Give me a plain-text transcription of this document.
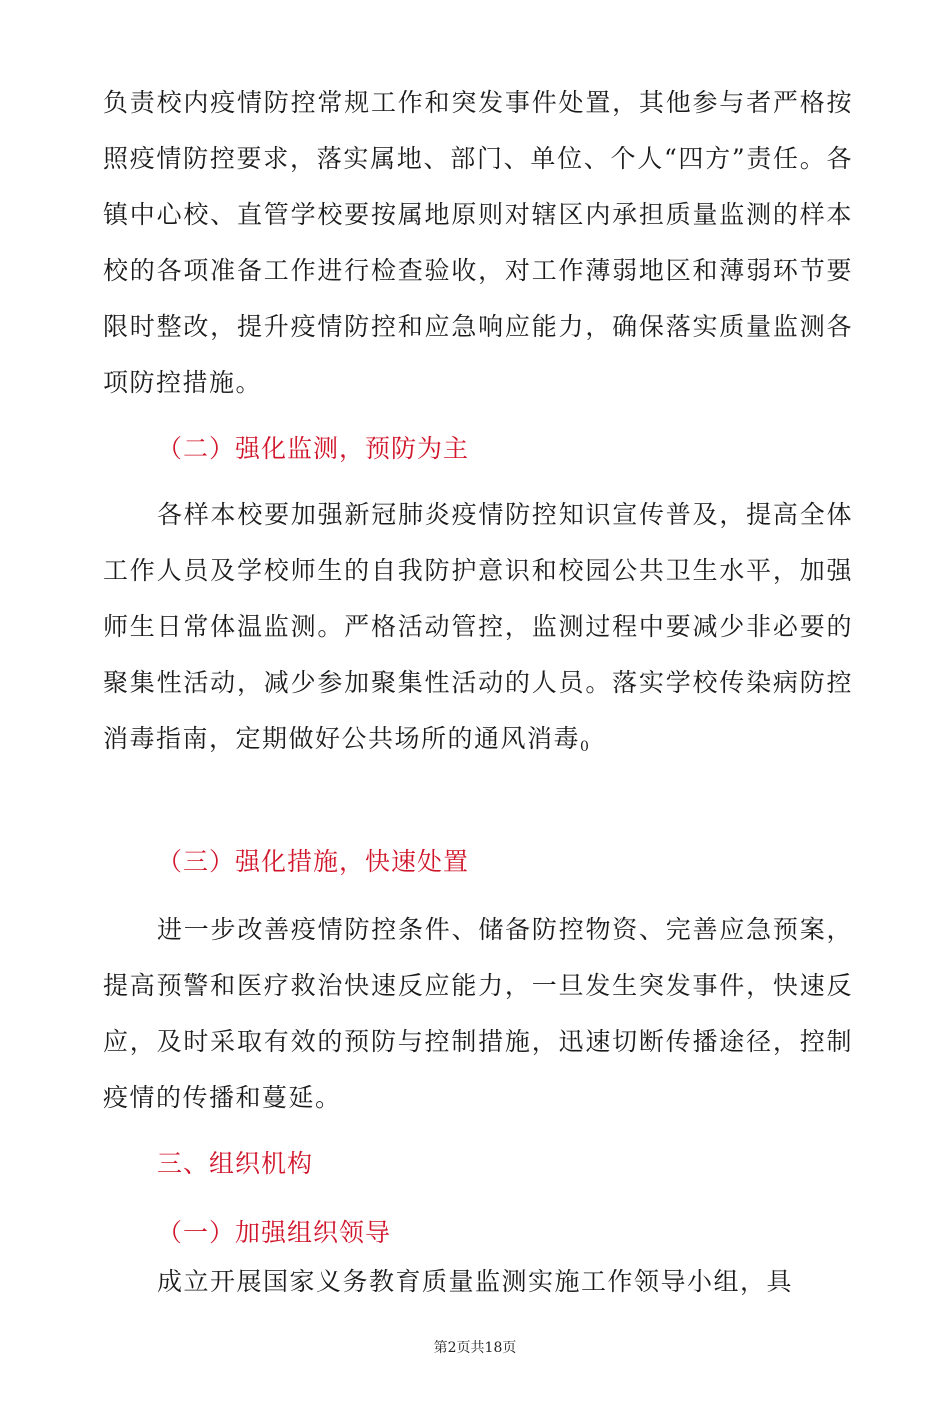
负责校内疫情防控常规工作和突发事件处置，其他参与者严格按照疫情防控要求，落实属地、部门、单位、个人“四方”责任。各镇中心校、直管学校要按属地原则对辖区内承担质量监测的样本校的各项准备工作进行检查验收，对工作薄弱地区和薄弱环节要限时整改，提升疫情防控和应急响应能力，确保落实质量监测各项防控措施。

（二）强化监测，预防为主

各样本校要加强新冠肺炎疫情防控知识宣传普及，提高全体工作人员及学校师生的自我防护意识和校园公共卫生水平，加强师生日常体温监测。严格活动管控，监测过程中要减少非必要的聚集性活动，减少参加聚集性活动的人员。落实学校传染病防控消毒指南，定期做好公共场所的通风消毒0

（三）强化措施，快速处置

进一步改善疫情防控条件、储备防控物资、完善应急预案，提高预警和医疗救治快速反应能力，一旦发生突发事件，快速反应，及时采取有效的预防与控制措施，迅速切断传播途径，控制疫情的传播和蔓延。

三、组织机构

（一）加强组织领导

成立开展国家义务教育质量监测实施工作领导小组，具

第2页共18页
